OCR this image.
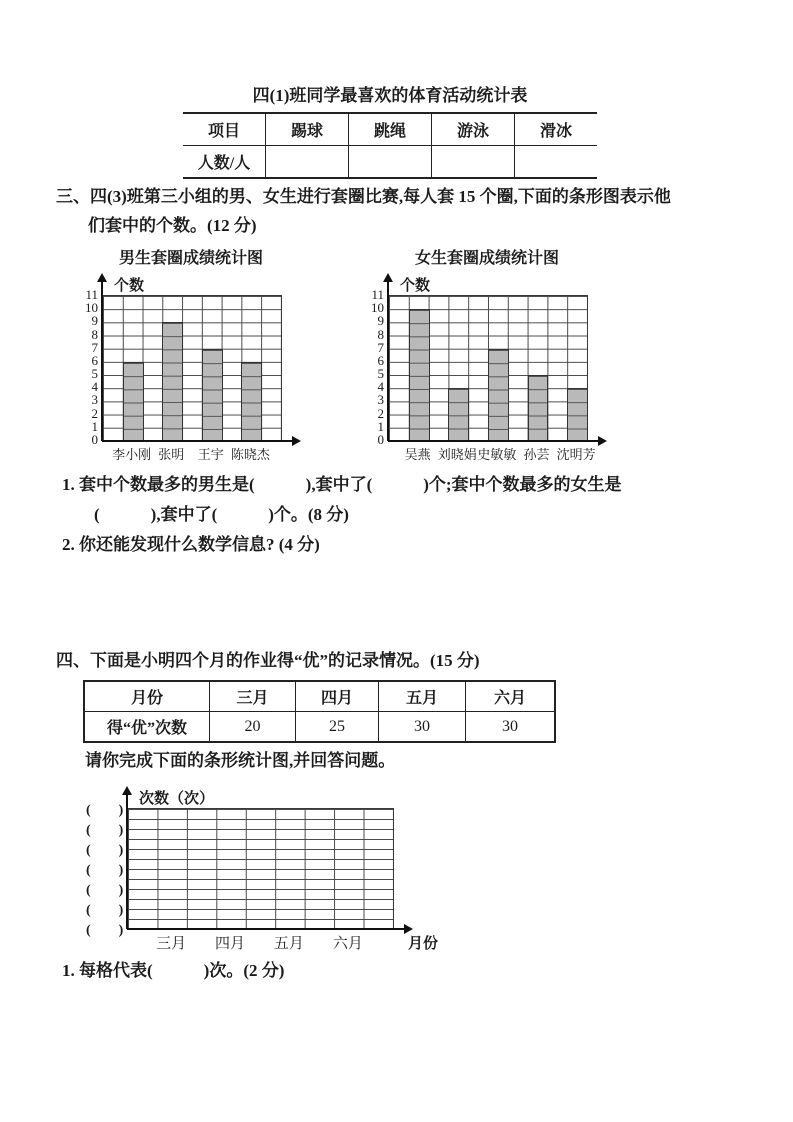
四(1)班同学最喜欢的体育活动统计表
项目	踢球	跳绳	游泳	滑冰
人数/人				
三、四(3)班第三小组的男、女生进行套圈比赛,每人套 15 个圈,下面的条形图表示他
们套中的个数。(12 分)
男生套圈成绩统计图	女生套圈成绩统计图
个数
0
1
2
3
4
5
6
7
8
9
10
11
李小刚 张明	王宇 陈晓杰
个数
0
1
2
3
4
5
6
7
8
9
10
11
吴燕 刘晓娟 史敏敏 孙芸 沈明芳
1. 套中个数最多的男生是(　　　),套中了(　　　)个;套中个数最多的女生是
(　　　),套中了(　　　)个。(8 分)
2. 你还能发现什么数学信息? (4 分)
四、下面是小明四个月的作业得“优”的记录情况。(15 分)
月份	三月	四月	五月	六月
得“优”次数	20	25	30	30
请你完成下面的条形统计图,并回答问题。
次数（次）
(　　)
(　　)
(　　)
(　　)
(　　)
(　　)
(　　)
三月	四月	五月	六月	月份
1. 每格代表(　　　)次。(2 分)
